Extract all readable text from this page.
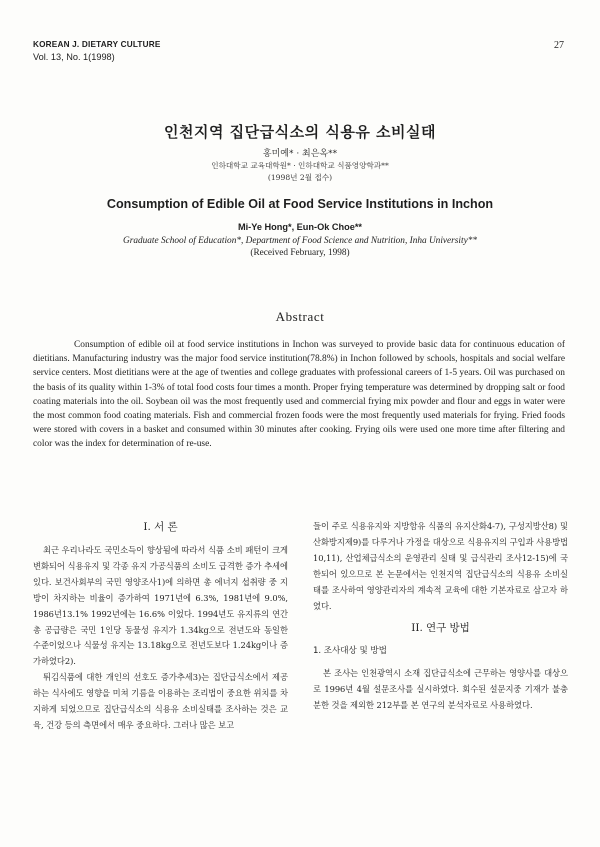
KOREAN J. DIETARY CULTURE
Vol. 13, No. 1(1998)
27
인천지역 집단급식소의 식용유 소비실태
홍미예* · 최은옥**
인하대학교 교육대학원* · 인하대학교 식품영양학과**
(1998년 2월 접수)
Consumption of Edible Oil at Food Service Institutions in Inchon
Mi-Ye Hong*, Eun-Ok Choe**
Graduate School of Education*, Department of Food Science and Nutrition, Inha University**
(Received February, 1998)
Abstract

Consumption of edible oil at food service institutions in Inchon was surveyed to provide basic data for continuous education of dietitians. Manufacturing industry was the major food service institution(78.8%) in Inchon followed by schools, hospitals and social welfare service centers. Most dietitians were at the age of twenties and college graduates with professional careers of 1-5 years. Oil was purchased on the basis of its quality within 1-3% of total food costs four times a month. Proper frying temperature was determined by dropping salt or food coating materials into the oil. Soybean oil was the most frequently used and commercial frying mix powder and flour and eggs in water were the most common food coating materials. Fish and commercial frozen foods were the most frequently used materials for frying. Fried foods were stored with covers in a basket and consumed within 30 minutes after cooking. Frying oils were used one more time after filtering and color was the index for determination of re-use.

I. 서 론

최근 우리나라도 국민소득이 향상됨에 따라서 식품 소비 패턴이 크게 변화되어 식용유지 및 각종 유지 가공식품의 소비도 급격한 증가 추세에 있다. 보건사회부의 국민 영양조사1)에 의하면 총 에너지 섭취량 중 지방이 차지하는 비율이 증가하여 1971년에 6.3%, 1981년에 9.0%, 1986년13.1% 1992년에는 16.6% 이었다. 1994년도 유지류의 연간 총 공급량은 국민 1인당 동물성 유지가 1.34kg으로 전년도와 동일한 수준이었으나 식물성 유지는 13.18kg으로 전년도보다 1.24kg이나 증가하였다2).

튀김식품에 대한 개인의 선호도 증가추세3)는 집단급식소에서 제공하는 식사에도 영향을 미쳐 기름을 이용하는 조리법이 중요한 위치를 차지하게 되었으므로 집단급식소의 식용유 소비실태를 조사하는 것은 교육, 건강 등의 측면에서 매우 중요하다. 그러나 많은 보고

들이 주로 식용유지와 지방함유 식품의 유지산화4-7), 구성지방산8) 및 산화방지제9)를 다루거나 가정을 대상으로 식용유지의 구입과 사용방법10,11), 산업체급식소의 운영관리 실태 및 급식관리 조사12-15)에 국한되어 있으므로 본 논문에서는 인천지역 집단급식소의 식용유 소비실태를 조사하여 영양관리자의 계속적 교육에 대한 기본자료로 삼고자 하였다.

II. 연구 방법
1. 조사대상 및 방법

본 조사는 인천광역시 소재 집단급식소에 근무하는 영양사를 대상으로 1996년 4월 설문조사를 실시하였다. 회수된 설문지중 기재가 불충분한 것을 제외한 212부를 본 연구의 분석자료로 사용하였다.
